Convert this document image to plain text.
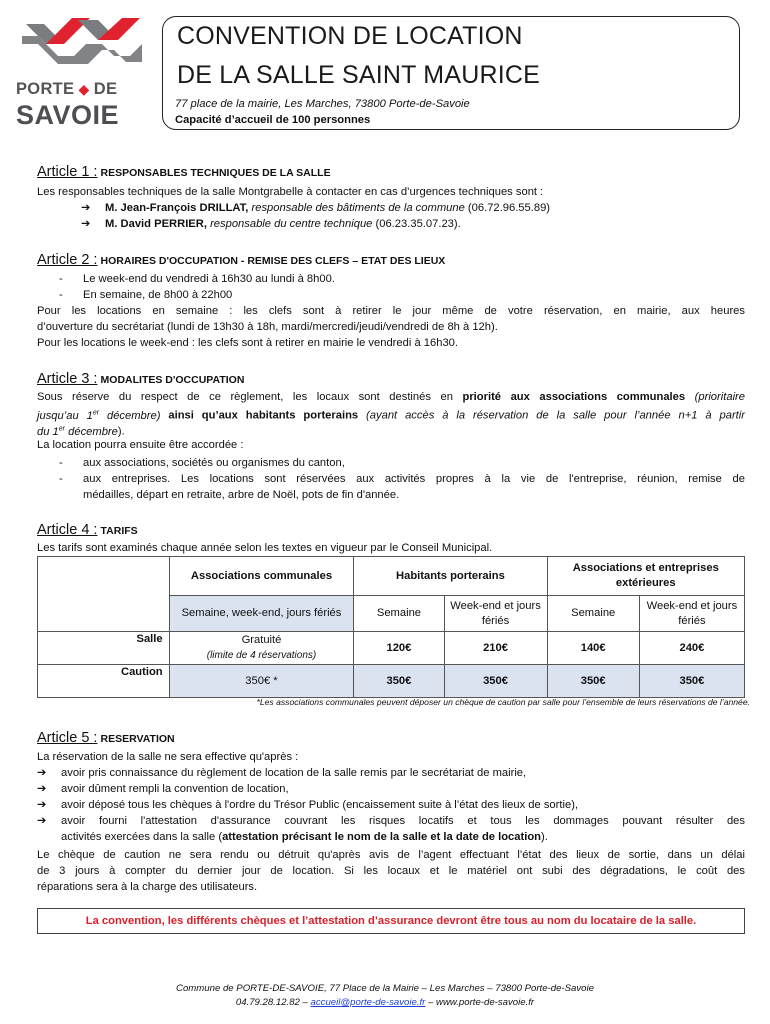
PORTE ◆ DE
SAVOIE
CONVENTION DE LOCATION
DE LA SALLE SAINT MAURICE
77 place de la mairie, Les Marches, 73800 Porte-de-Savoie
Capacité d’accueil de 100 personnes
Article 1 : RESPONSABLES TECHNIQUES DE LA SALLE
Les responsables techniques de la salle Montgrabelle à contacter en cas d’urgences techniques sont :
➔ M. Jean-François DRILLAT, responsable des bâtiments de la commune (06.72.96.55.89)
➔ M. David PERRIER, responsable du centre technique (06.23.35.07.23).
Article 2 : HORAIRES D'OCCUPATION - REMISE DES CLEFS – ETAT DES LIEUX
- Le week-end du vendredi à 16h30 au lundi à 8h00.
- En semaine, de 8h00 à 22h00
Pour les locations en semaine : les clefs sont à retirer le jour même de votre réservation, en mairie, aux heures
d’ouverture du secrétariat (lundi de 13h30 à 18h, mardi/mercredi/jeudi/vendredi de 8h à 12h).
Pour les locations le week-end : les clefs sont à retirer en mairie le vendredi à 16h30.
Article 3 : MODALITES D'OCCUPATION
Sous réserve du respect de ce règlement, les locaux sont destinés en priorité aux associations communales (prioritaire
jusqu’au 1er décembre) ainsi qu’aux habitants porterains (ayant accès à la réservation de la salle pour l’année n+1 à partir
du 1er décembre).
La location pourra ensuite être accordée :
- aux associations, sociétés ou organismes du canton,
-	aux entreprises. Les locations sont réservées aux activités propres à la vie de l'entreprise, réunion, remise de
médailles, départ en retraite, arbre de Noël, pots de fin d'année.
Article 4 : TARIFS
Les tarifs sont examinés chaque année selon les textes en vigueur par le Conseil Municipal.
	Associations communales	Habitants porterains		Associations et entreprises extérieures	
	Semaine, week-end, jours fériés	Semaine	Week-end et jours fériés	Semaine	Week-end et jours fériés
Salle	Gratuité
(limite de 4 réservations)	120€	210€	140€	240€
Caution	350€ *	350€	350€	350€	350€
*Les associations communales peuvent déposer un chèque de caution par salle pour l’ensemble de leurs réservations de l’année.
Article 5 : RESERVATION
La réservation de la salle ne sera effective qu'après :
➔ avoir pris connaissance du règlement de location de la salle remis par le secrétariat de mairie,
➔ avoir dûment rempli la convention de location,
➔ avoir déposé tous les chèques à l'ordre du Trésor Public (encaissement suite à l’état des lieux de sortie),
➔	avoir fourni l'attestation d'assurance couvrant les risques locatifs et tous les dommages pouvant résulter des
activités exercées dans la salle (attestation précisant le nom de la salle et la date de location).
Le chèque de caution ne sera rendu ou détruit qu'après avis de l’agent effectuant l’état des lieux de sortie, dans un délai
de 3 jours à compter du dernier jour de location. Si les locaux et le matériel ont subi des dégradations, le coût des
réparations sera à la charge des utilisateurs.
La convention, les différents chèques et l’attestation d’assurance devront être tous au nom du locataire de la salle.
Commune de PORTE-DE-SAVOIE, 77 Place de la Mairie – Les Marches – 73800 Porte-de-Savoie
04.79.28.12.82 – accueil@porte-de-savoie.fr – www.porte-de-savoie.fr
